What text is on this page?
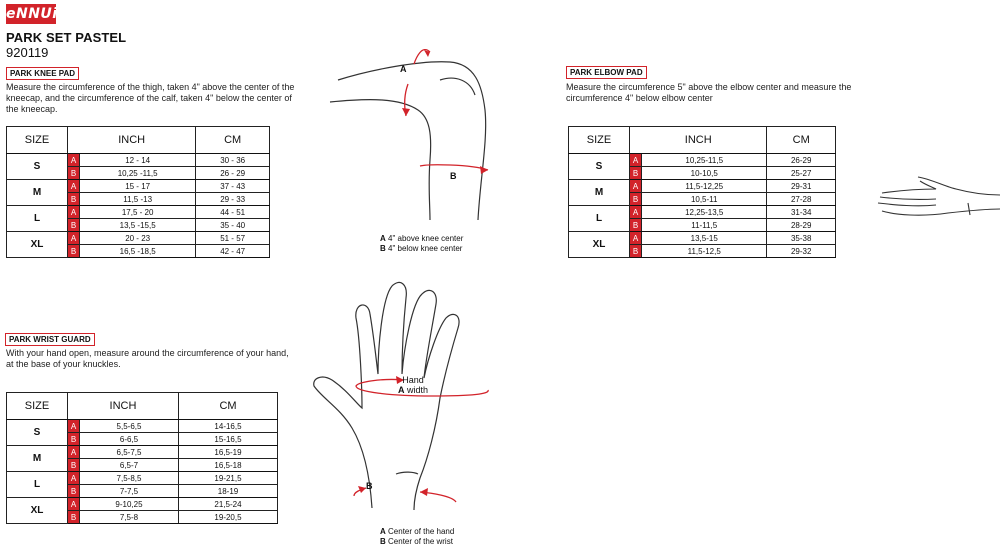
eNNUi
PARK SET PASTEL
920119
PARK KNEE PAD
Measure the circumference of the thigh, taken 4" above the center of the kneecap, and the circumference of the calf, taken 4" below the center of the kneecap.
SIZE	INCH		CM
S	A	12 - 14	30 - 36
	B	10,25 -11,5	26 - 29
M	A	15 - 17	37 - 43
	B	11,5 -13	29 - 33
L	A	17,5 - 20	44 - 51
	B	13,5 -15,5	35 - 40
XL	A	20 - 23	51 - 57
	B	16,5 -18,5	42 - 47
A
B
A 4" above knee center
B 4" below knee center
PARK ELBOW PAD
Measure the circumference 5" above the elbow center and measure the circumference 4" below elbow center
SIZE	INCH		CM
S	A	10,25-11,5	26-29
	B	10-10,5	25-27
M	A	11,5-12,25	29-31
	B	10,5-11	27-28
L	A	12,25-13,5	31-34
	B	11-11,5	28-29
XL	A	13,5-15	35-38
	B	11,5-12,5	29-32
PARK WRIST GUARD
With your hand open, measure around the circumference of your hand, at the base of your knuckles.
SIZE	INCH		CM
S	A	5,5-6,5	14-16,5
	B	6-6,5	15-16,5
M	A	6,5-7,5	16,5-19
	B	6,5-7	16,5-18
L	A	7,5-8,5	19-21,5
	B	7-7,5	18-19
XL	A	9-10,25	21,5-24
	B	7,5-8	19-20,5
Hand
A width
B
A Center of the hand
B Center of the wrist
